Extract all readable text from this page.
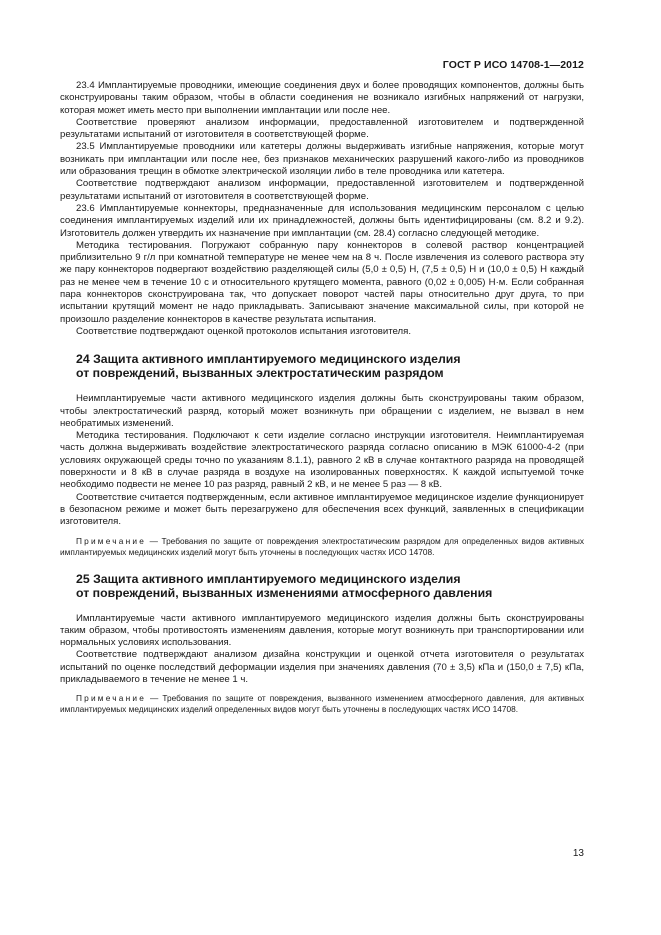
ГОСТ Р ИСО 14708-1—2012

23.4 Имплантируемые проводники, имеющие соединения двух и более проводящих компонентов, должны быть сконструированы таким образом, чтобы в области соединения не возникало изгибных напряжений от нагрузки, которая может иметь место при выполнении имплантации или после нее.

Соответствие проверяют анализом информации, предоставленной изготовителем и подтвержденной результатами испытаний от изготовителя в соответствующей форме.

23.5 Имплантируемые проводники или катетеры должны выдерживать изгибные напряжения, которые могут возникать при имплантации или после нее, без признаков механических разрушений какого-либо из проводников или образования трещин в обмотке электрической изоляции либо в теле проводника или катетера.

Соответствие подтверждают анализом информации, предоставленной изготовителем и подтвержденной результатами испытаний от изготовителя в соответствующей форме.

23.6 Имплантируемые коннекторы, предназначенные для использования медицинским персоналом с целью соединения имплантируемых изделий или их принадлежностей, должны быть идентифицированы (см. 8.2 и 9.2). Изготовитель должен утвердить их назначение при имплантации (см. 28.4) согласно следующей методике.

Методика тестирования. Погружают собранную пару коннекторов в солевой раствор концентрацией приблизительно 9 г/л при комнатной температуре не менее чем на 8 ч. После извлечения из солевого раствора эту же пару коннекторов подвергают воздействию разделяющей силы (5,0 ± 0,5) Н, (7,5 ± 0,5) Н и (10,0 ± 0,5) Н каждый раз не менее чем в течение 10 с и относительного крутящего момента, равного (0,02 ± 0,005) Н·м. Если собранная пара коннекторов сконструирована так, что допускает поворот частей пары относительно друг друга, то при испытании крутящий момент не надо прикладывать. Записывают значение максимальной силы, при которой не произошло разделение коннекторов в качестве результата испытания.

Соответствие подтверждают оценкой протоколов испытания изготовителя.

24 Защита активного имплантируемого медицинского изделия
от повреждений, вызванных электростатическим разрядом

Неимплантируемые части активного медицинского изделия должны быть сконструированы таким образом, чтобы электростатический разряд, который может возникнуть при обращении с изделием, не вызвал в нем необратимых изменений.

Методика тестирования. Подключают к сети изделие согласно инструкции изготовителя. Неимплантируемая часть должна выдерживать воздействие электростатического разряда согласно описанию в МЭК 61000-4-2 (при условиях окружающей среды точно по указаниям 8.1.1), равного 2 кВ в случае контактного разряда на проводящей поверхности и 8 кВ в случае разряда в воздухе на изолированных поверхностях. К каждой испытуемой точке необходимо подвести не менее 10 раз разряд, равный 2 кВ, и не менее 5 раз — 8 кВ.

Соответствие считается подтвержденным, если активное имплантируемое медицинское изделие функционирует в безопасном режиме и может быть перезагружено для обеспечения всех функций, заявленных в спецификации изготовителя.

Примечание — Требования по защите от повреждения электростатическим разрядом для определенных видов активных имплантируемых медицинских изделий могут быть уточнены в последующих частях ИСО 14708.
25 Защита активного имплантируемого медицинского изделия
от повреждений, вызванных изменениями атмосферного давления

Имплантируемые части активного имплантируемого медицинского изделия должны быть сконструированы таким образом, чтобы противостоять изменениям давления, которые могут возникнуть при транспортировании или нормальных условиях использования.

Соответствие подтверждают анализом дизайна конструкции и оценкой отчета изготовителя о результатах испытаний по оценке последствий деформации изделия при значениях давления (70 ± 3,5) кПа и (150,0 ± 7,5) кПа, прикладываемого в течение не менее 1 ч.

Примечание — Требования по защите от повреждения, вызванного изменением атмосферного давления, для активных имплантируемых медицинских изделий определенных видов могут быть уточнены в последующих частях ИСО 14708.
13
